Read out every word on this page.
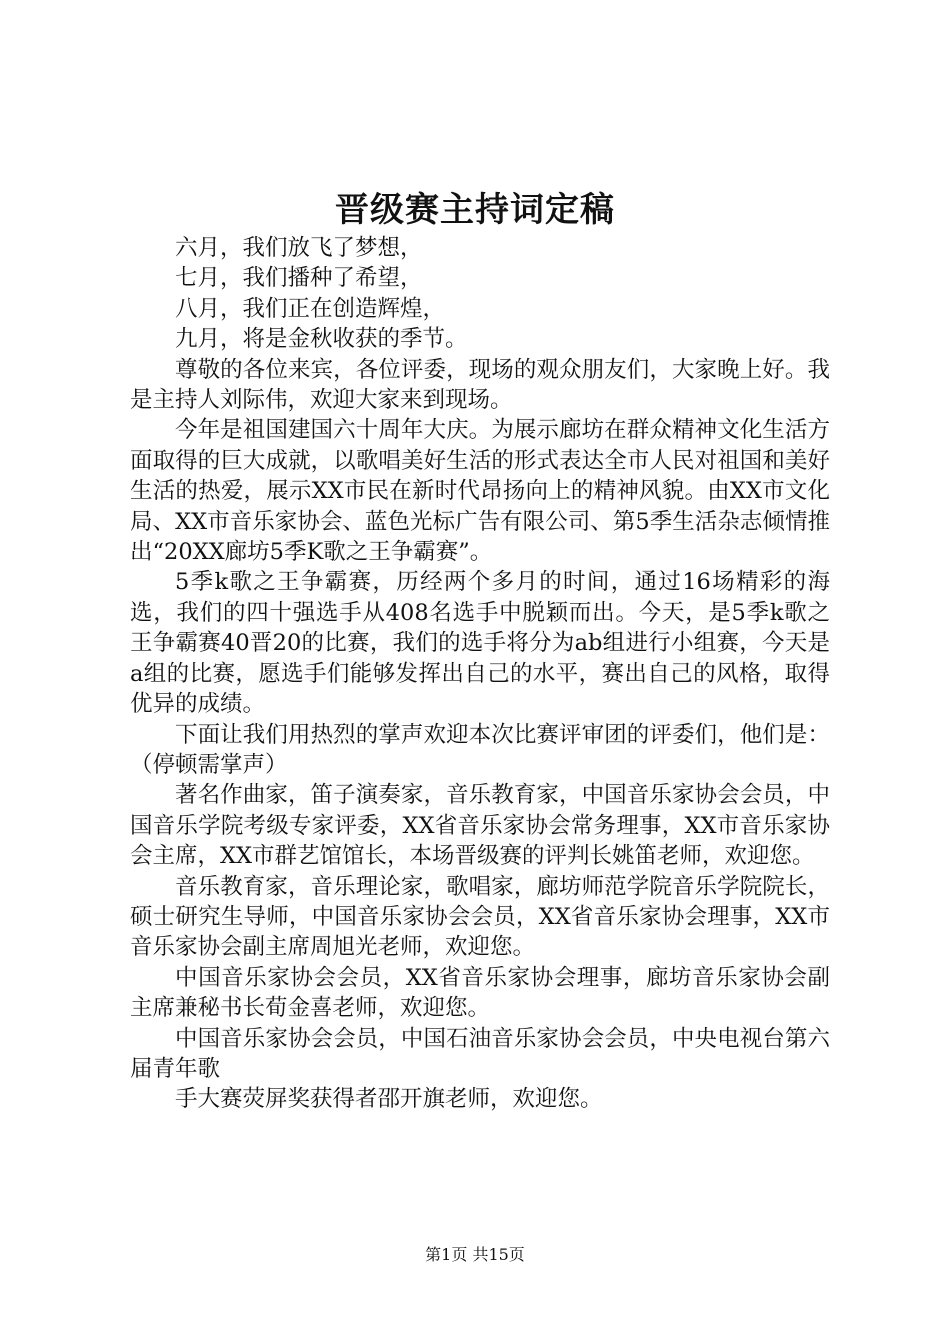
晋级赛主持词定稿

六月，我们放飞了梦想，

七月，我们播种了希望，

八月，我们正在创造辉煌，

九月，将是金秋收获的季节。

尊敬的各位来宾，各位评委，现场的观众朋友们，大家晚上好。我是主持人刘际伟，欢迎大家来到现场。

今年是祖国建国六十周年大庆。为展示廊坊在群众精神文化生活方面取得的巨大成就，以歌唱美好生活的形式表达全市人民对祖国和美好生活的热爱，展示XX市民在新时代昂扬向上的精神风貌。由XX市文化局、XX市音乐家协会、蓝色光标广告有限公司、第5季生活杂志倾情推出“20XX廊坊5季K歌之王争霸赛”。

5季k歌之王争霸赛，历经两个多月的时间，通过16场精彩的海选，我们的四十强选手从408名选手中脱颖而出。今天，是5季k歌之王争霸赛40晋20的比赛，我们的选手将分为ab组进行小组赛，今天是a组的比赛，愿选手们能够发挥出自己的水平，赛出自己的风格，取得优异的成绩。

下面让我们用热烈的掌声欢迎本次比赛评审团的评委们，他们是：（停顿需掌声）

著名作曲家，笛子演奏家，音乐教育家，中国音乐家协会会员，中国音乐学院考级专家评委，XX省音乐家协会常务理事，XX市音乐家协会主席，XX市群艺馆馆长，本场晋级赛的评判长姚笛老师，欢迎您。

音乐教育家，音乐理论家，歌唱家，廊坊师范学院音乐学院院长，硕士研究生导师，中国音乐家协会会员，XX省音乐家协会理事，XX市音乐家协会副主席周旭光老师，欢迎您。

中国音乐家协会会员，XX省音乐家协会理事，廊坊音乐家协会副主席兼秘书长荀金喜老师，欢迎您。

中国音乐家协会会员，中国石油音乐家协会会员，中央电视台第六届青年歌

手大赛荧屏奖获得者邵开旗老师，欢迎您。

第1页 共15页
